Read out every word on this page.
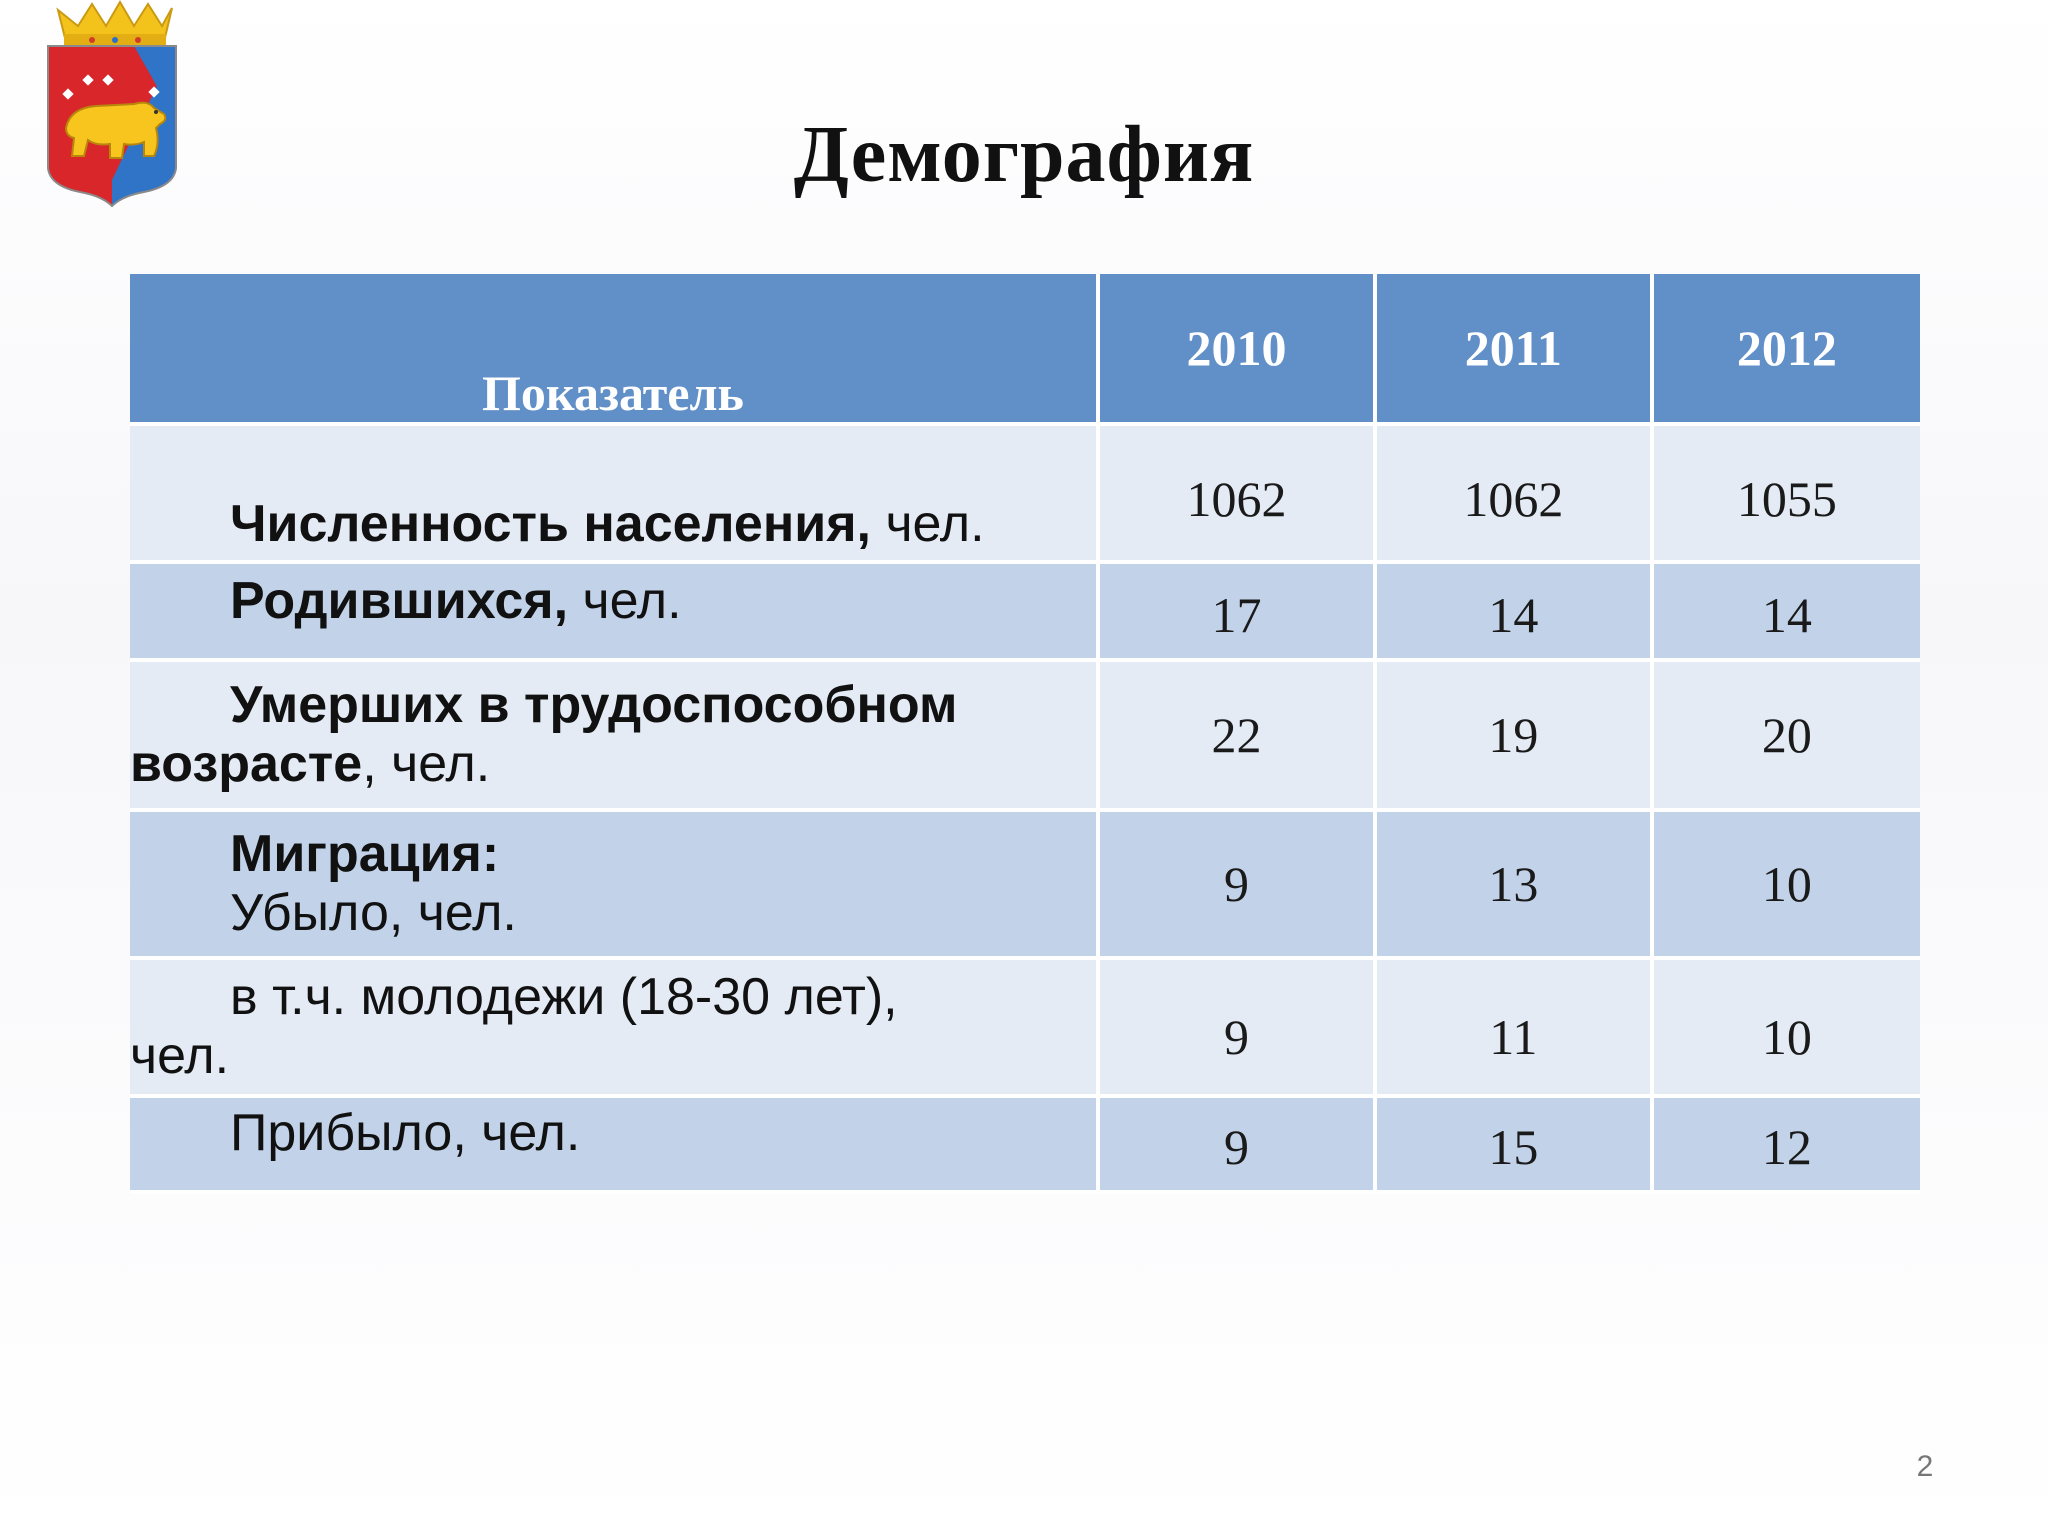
Демография
Показатель	2010	2011	2012
Численность населения, чел.	1062	1062	1055
Родившихся, чел.	17	14	14
Умерших в трудоспособном
возрасте, чел.	22	19	20
Миграция:
Убыло, чел.	9	13	10
в т.ч. молодежи (18-30 лет),
чел.	9	11	10
Прибыло, чел.	9	15	12
2
